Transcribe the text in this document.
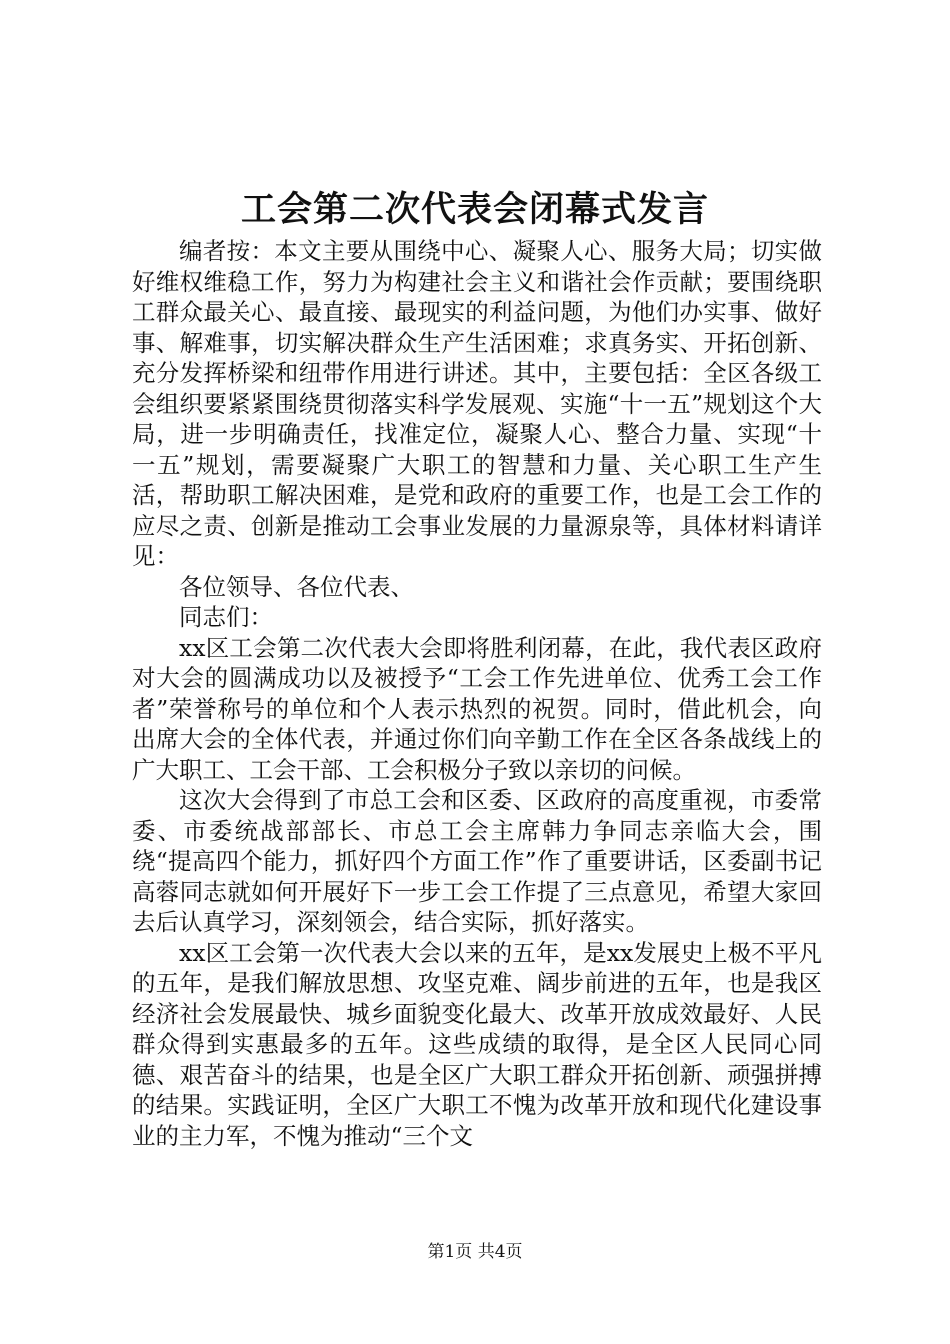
工会第二次代表会闭幕式发言

编者按：本文主要从围绕中心、凝聚人心、服务大局；切实做好维权维稳工作，努力为构建社会主义和谐社会作贡献；要围绕职工群众最关心、最直接、最现实的利益问题，为他们办实事、做好事、解难事，切实解决群众生产生活困难；求真务实、开拓创新、充分发挥桥梁和纽带作用进行讲述。其中，主要包括：全区各级工会组织要紧紧围绕贯彻落实科学发展观、实施“十一五”规划这个大局，进一步明确责任，找准定位，凝聚人心、整合力量、实现“十一五”规划，需要凝聚广大职工的智慧和力量、关心职工生产生活，帮助职工解决困难，是党和政府的重要工作，也是工会工作的应尽之责、创新是推动工会事业发展的力量源泉等，具体材料请详见：

各位领导、各位代表、

同志们：

xx区工会第二次代表大会即将胜利闭幕，在此，我代表区政府对大会的圆满成功以及被授予“工会工作先进单位、优秀工会工作者”荣誉称号的单位和个人表示热烈的祝贺。同时，借此机会，向出席大会的全体代表，并通过你们向辛勤工作在全区各条战线上的广大职工、工会干部、工会积极分子致以亲切的问候。

这次大会得到了市总工会和区委、区政府的高度重视，市委常委、市委统战部部长、市总工会主席韩力争同志亲临大会，围绕“提高四个能力，抓好四个方面工作”作了重要讲话，区委副书记高蓉同志就如何开展好下一步工会工作提了三点意见，希望大家回去后认真学习，深刻领会，结合实际，抓好落实。

xx区工会第一次代表大会以来的五年，是xx发展史上极不平凡的五年，是我们解放思想、攻坚克难、阔步前进的五年，也是我区经济社会发展最快、城乡面貌变化最大、改革开放成效最好、人民群众得到实惠最多的五年。这些成绩的取得，是全区人民同心同德、艰苦奋斗的结果，也是全区广大职工群众开拓创新、顽强拼搏的结果。实践证明，全区广大职工不愧为改革开放和现代化建设事业的主力军，不愧为推动“三个文

第1页 共4页
